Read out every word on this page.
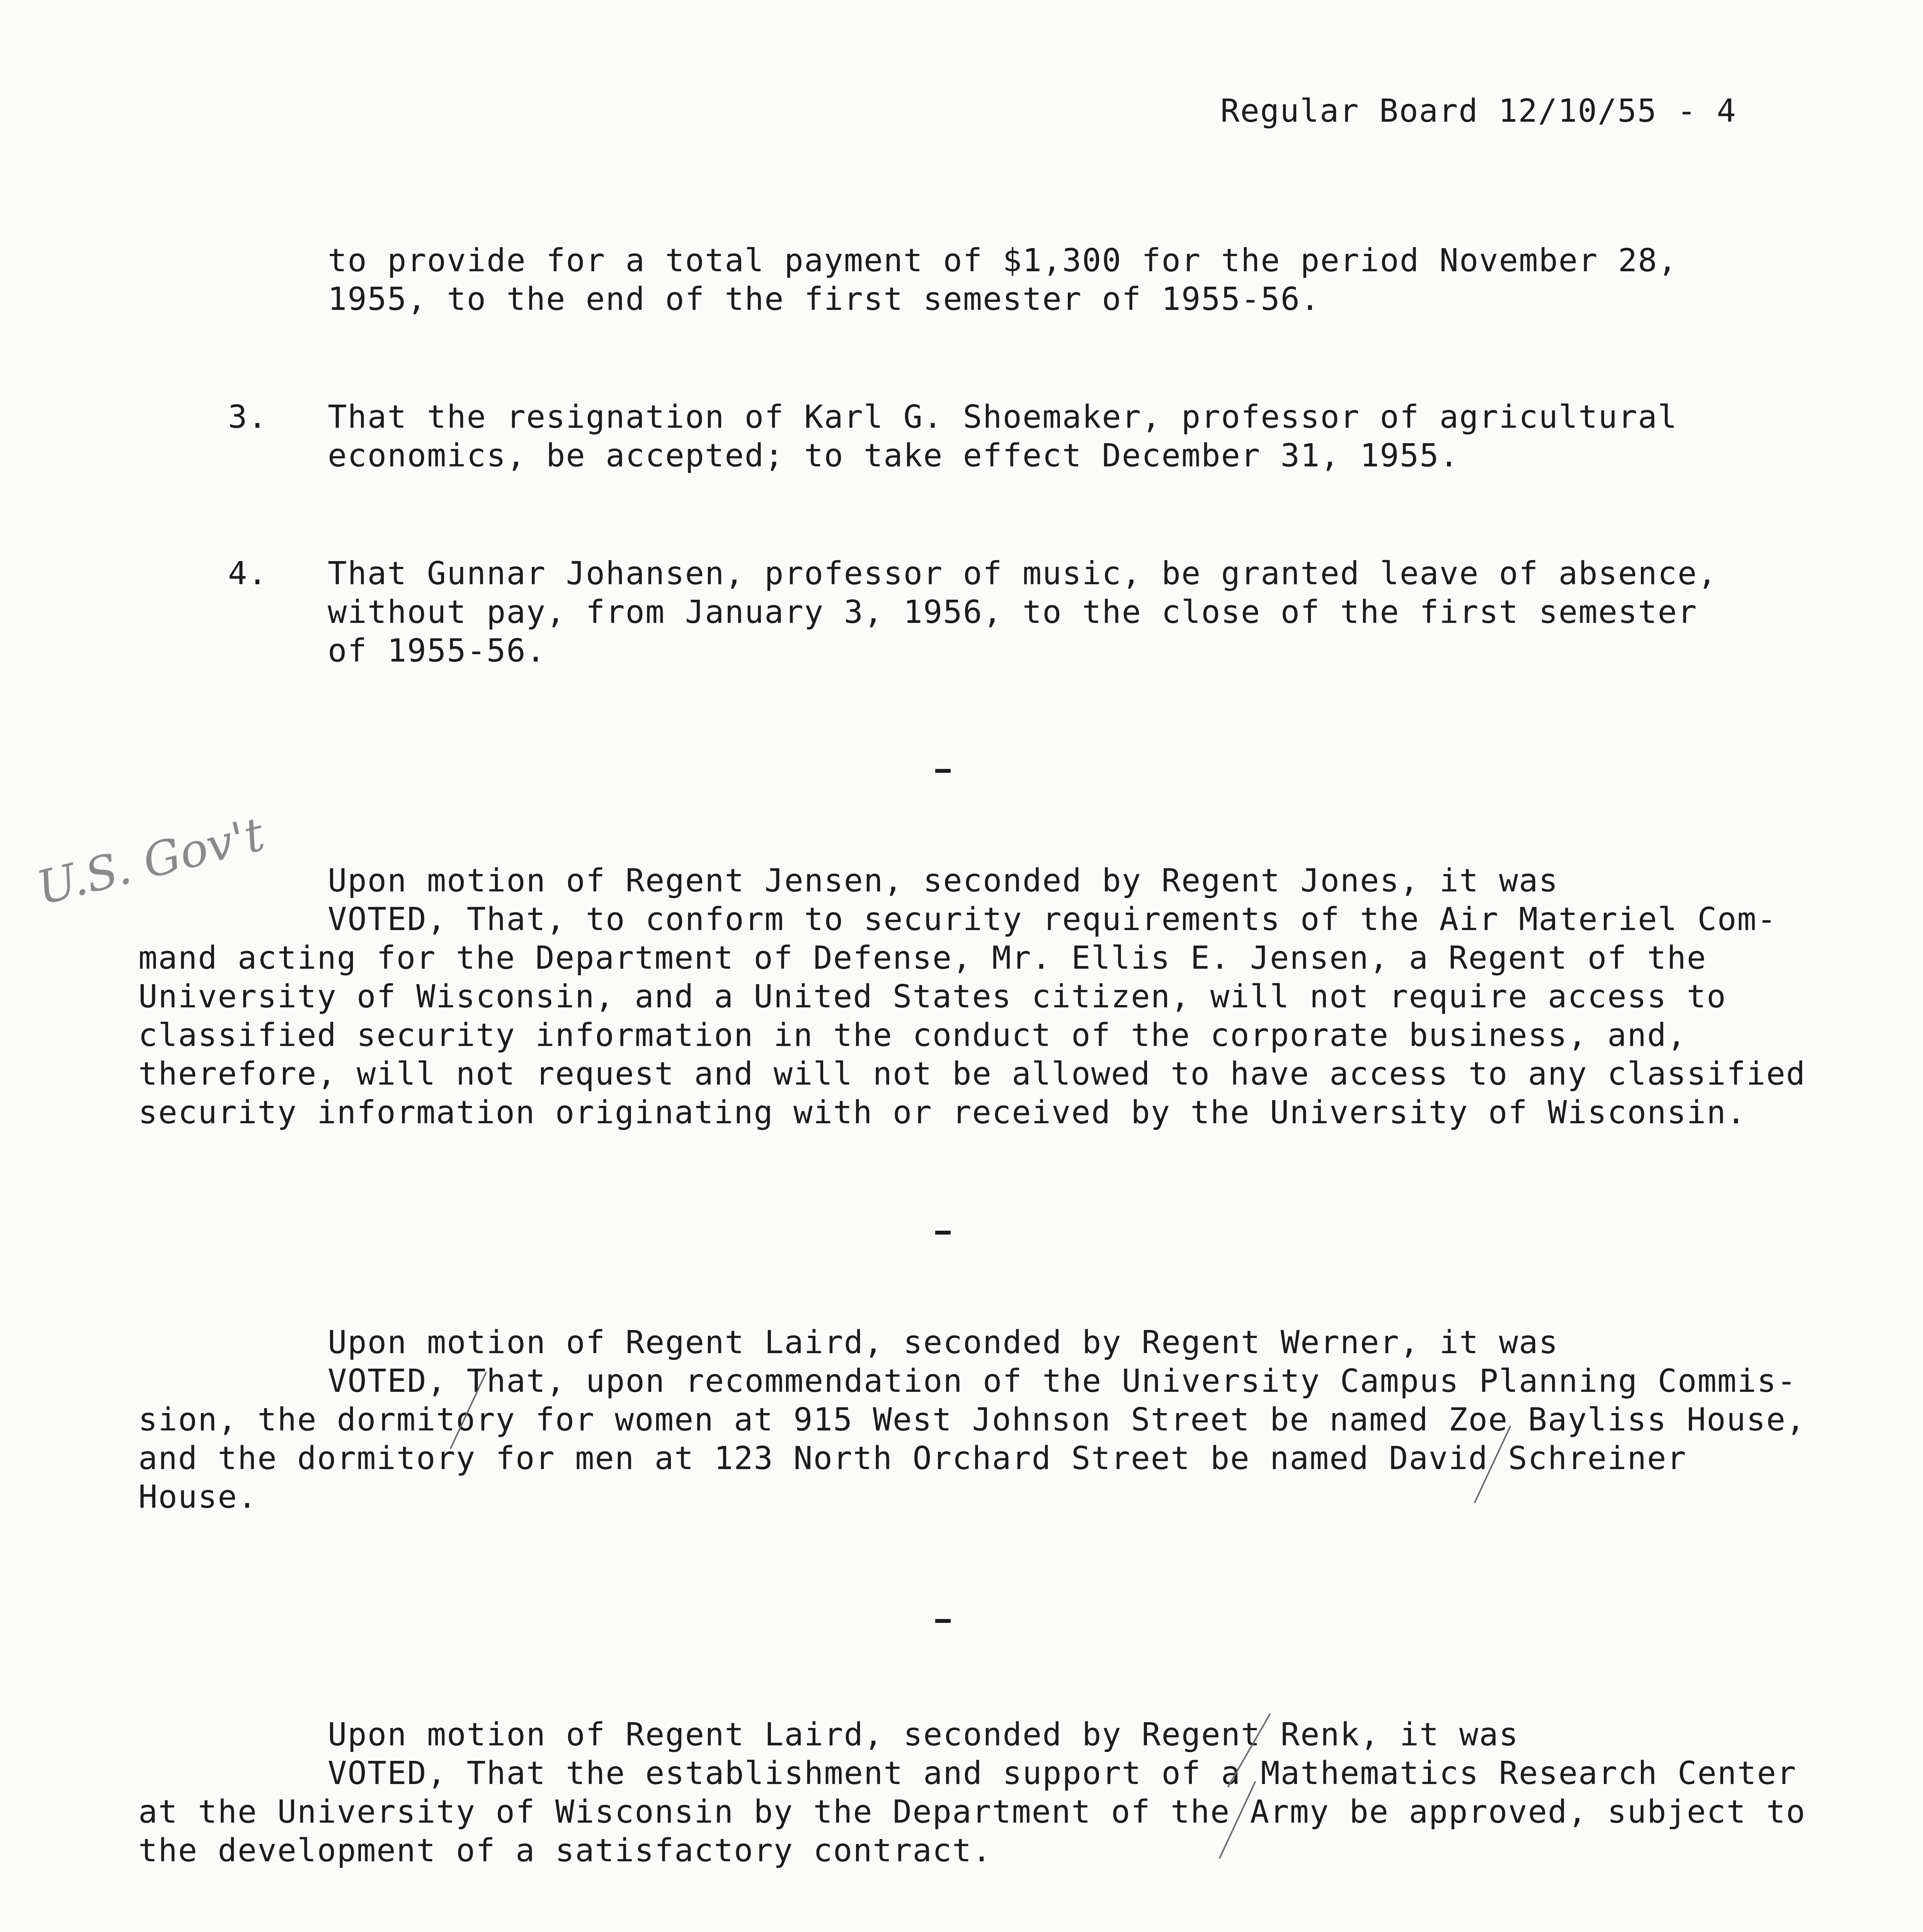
Regular Board 12/10/55 - 4
to provide for a total payment of $1,300 for the period November 28,
1955, to the end of the first semester of 1955-56.
3. That the resignation of Karl G. Shoemaker, professor of agricultural
economics, be accepted; to take effect December 31, 1955.
4. That Gunnar Johansen, professor of music, be granted leave of absence,
without pay, from January 3, 1956, to the close of the first semester
of 1955-56.
U.S. Gov't Upon motion of Regent Jensen, seconded by Regent Jones, it was
VOTED, That, to conform to security requirements of the Air Materiel Com-
mand acting for the Department of Defense, Mr. Ellis E. Jensen, a Regent of the
University of Wisconsin, and a United States citizen, will not require access to
classified security information in the conduct of the corporate business, and,
therefore, will not request and will not be allowed to have access to any classified
security information originating with or received by the University of Wisconsin.
Upon motion of Regent Laird, seconded by Regent Werner, it was
VOTED, That, upon recommendation of the University Campus Planning Commis-
sion, the dormitory for women at 915 West Johnson Street be named Zoe Bayliss House,
and the dormitory for men at 123 North Orchard Street be named David Schreiner
House.
Upon motion of Regent Laird, seconded by Regent Renk, it was
VOTED, That the establishment and support of a Mathematics Research Center
at the University of Wisconsin by the Department of the Army be approved, subject to
the development of a satisfactory contract.
